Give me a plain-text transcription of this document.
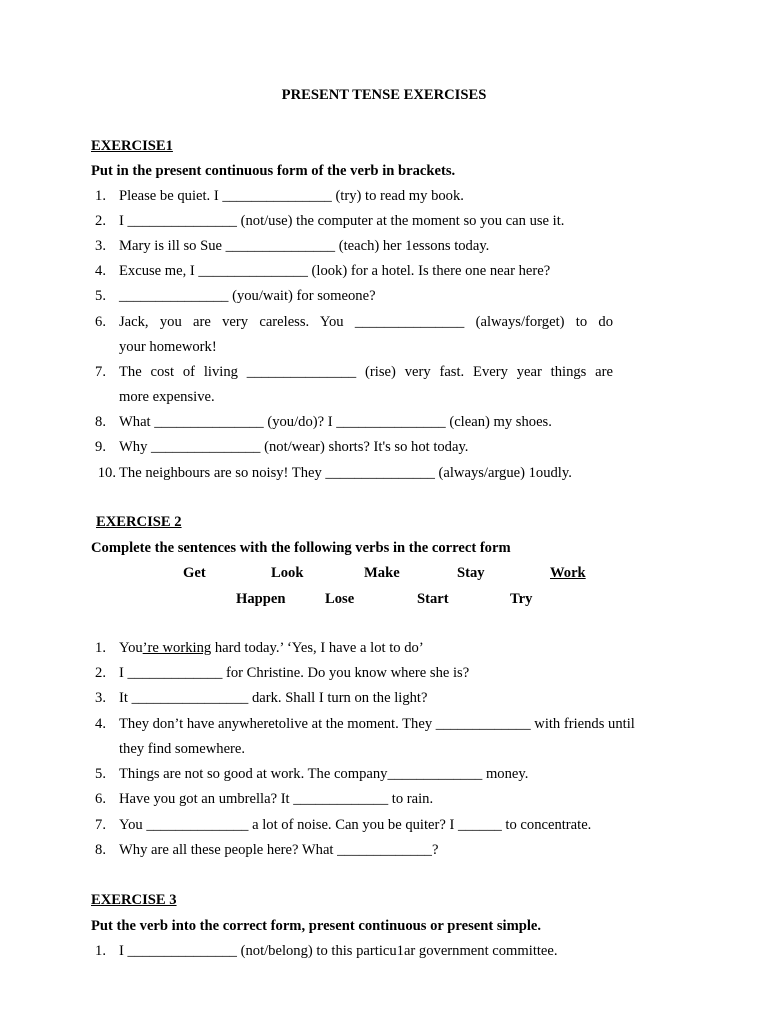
PRESENT TENSE EXERCISES
EXERCISE1
Put in the present continuous form of the verb in brackets.
1. Please be quiet. I _______________ (try) to read my book.
2. I _______________ (not/use) the computer at the moment so you can use it.
3. Mary is ill so Sue _______________ (teach) her 1essons today.
4. Excuse me, I _______________ (look) for a hotel. Is there one near here?
5. _______________ (you/wait) for someone?
6. Jack, you are very careless. You _______________ (always/forget) to do
your homework!
7. The cost of living _______________ (rise) very fast. Every year things are
more expensive.
8. What _______________ (you/do)? I _______________ (clean) my shoes.
9. Why _______________ (not/wear) shorts? It's so hot today.
10. The neighbours are so noisy! They _______________ (always/argue) 1oudly.
EXERCISE 2
Complete the sentences with the following verbs in the correct form
Get	Look	Make	Stay	Work
Happen	Lose	Start	Try
1. You’re working hard today.’ ‘Yes, I have a lot to do’
2. I _____________ for Christine. Do you know where she is?
3. It ________________ dark. Shall I turn on the light?
4. They don’t have anywheretolive at the moment. They _____________ with friends until
they find somewhere.
5. Things are not so good at work. The company_____________ money.
6. Have you got an umbrella? It _____________ to rain.
7. You ______________ a lot of noise. Can you be quiter? I ______ to concentrate.
8. Why are all these people here? What _____________?
EXERCISE 3
Put the verb into the correct form, present continuous or present simple.
1. I _______________ (not/belong) to this particu1ar government committee.
